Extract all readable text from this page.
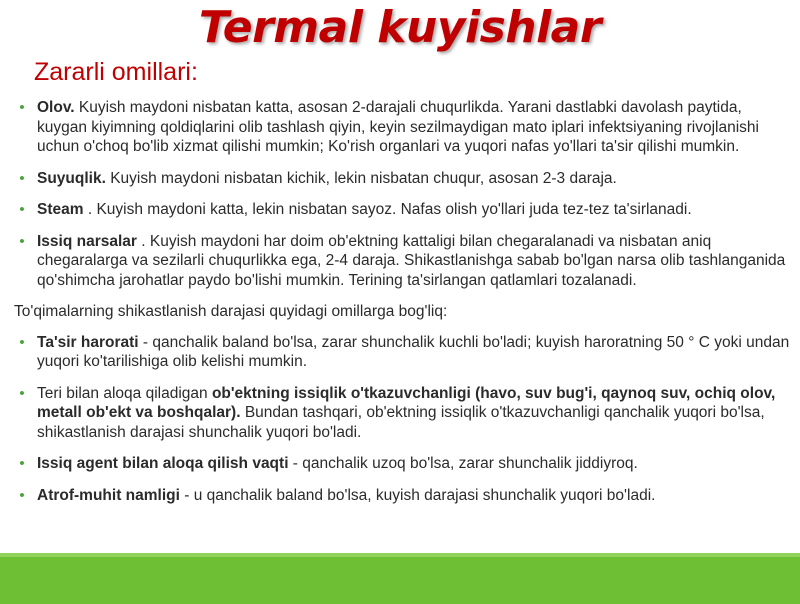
Termal kuyishlar
Zararli omillari:
• Olov. Kuyish maydoni nisbatan katta, asosan 2-darajali chuqurlikda. Yarani dastlabki davolash paytida, kuygan kiyimning qoldiqlarini olib tashlash qiyin, keyin sezilmaydigan mato iplari infektsiyaning rivojlanishi uchun o'choq bo'lib xizmat qilishi mumkin; Ko'rish organlari va yuqori nafas yo'llari ta'sir qilishi mumkin.
• Suyuqlik. Kuyish maydoni nisbatan kichik, lekin nisbatan chuqur, asosan 2-3 daraja.
• Steam . Kuyish maydoni katta, lekin nisbatan sayoz. Nafas olish yo'llari juda tez-tez ta'sirlanadi.
• Issiq narsalar . Kuyish maydoni har doim ob'ektning kattaligi bilan chegaralanadi va nisbatan aniq chegaralarga va sezilarli chuqurlikka ega, 2-4 daraja. Shikastlanishga sabab bo'lgan narsa olib tashlanganida qo'shimcha jarohatlar paydo bo'lishi mumkin. Terining ta'sirlangan qatlamlari tozalanadi.
To'qimalarning shikastlanish darajasi quyidagi omillarga bog'liq:
• Ta'sir harorati - qanchalik baland bo'lsa, zarar shunchalik kuchli bo'ladi; kuyish haroratning 50 ° C yoki undan yuqori ko'tarilishiga olib kelishi mumkin.
• Teri bilan aloqa qiladigan ob'ektning issiqlik o'tkazuvchanligi (havo, suv bug'i, qaynoq suv, ochiq olov, metall ob'ekt va boshqalar). Bundan tashqari, ob'ektning issiqlik o'tkazuvchanligi qanchalik yuqori bo'lsa, shikastlanish darajasi shunchalik yuqori bo'ladi.
• Issiq agent bilan aloqa qilish vaqti - qanchalik uzoq bo'lsa, zarar shunchalik jiddiyroq.
• Atrof-muhit namligi - u qanchalik baland bo'lsa, kuyish darajasi shunchalik yuqori bo'ladi.
